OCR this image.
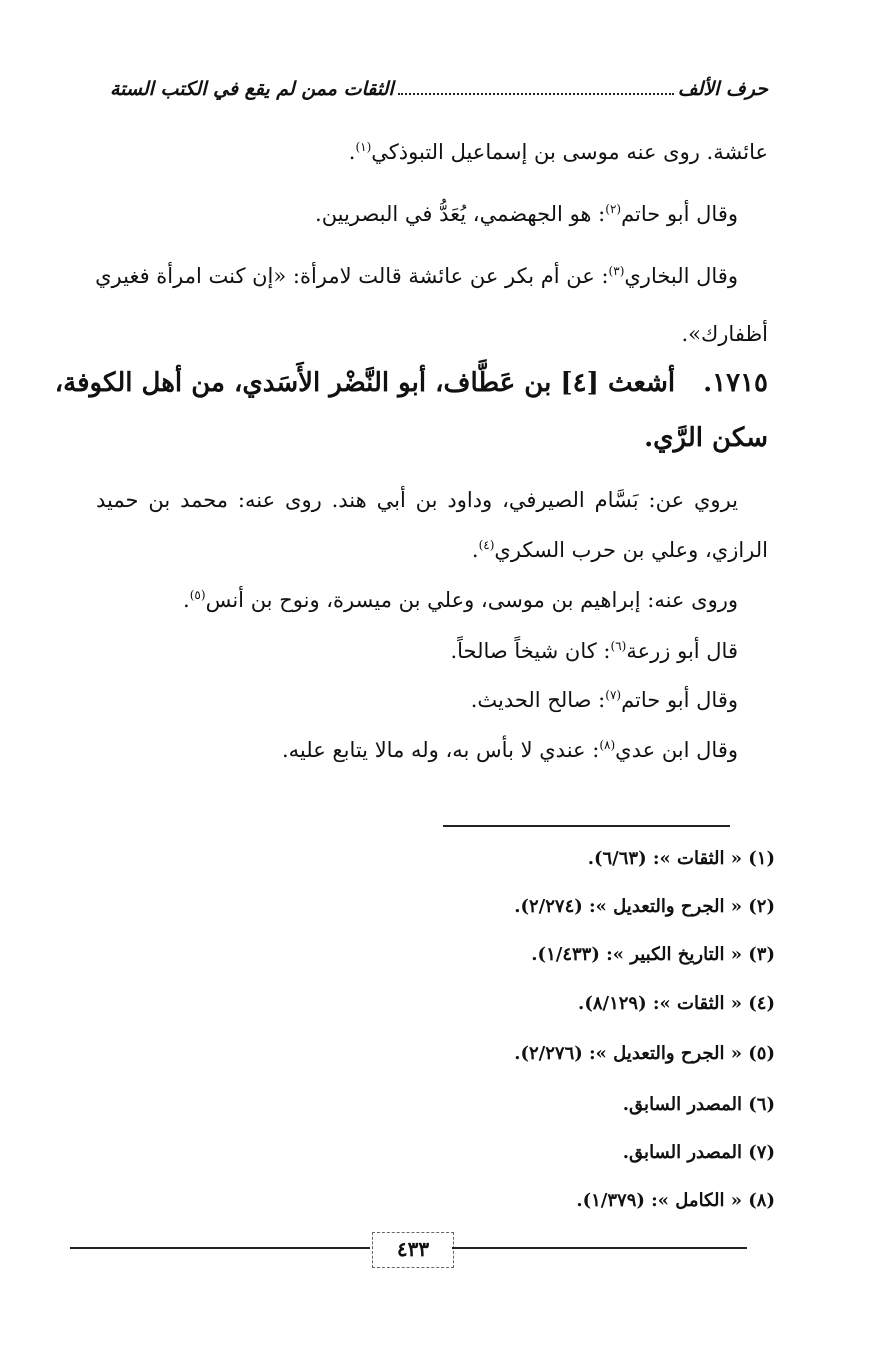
حرف الألف
الثقات ممن لم يقع في الكتب الستة
عائشة. روى عنه موسى بن إسماعيل التبوذكي$^{(١)}$.
وقال أبو حاتم$^{(٢)}$: هو الجهضمي، يُعَدُّ في البصريين.
وقال البخاري$^{(٣)}$: عن أم بكر عن عائشة قالت لامرأة: «إن كنت امرأة فغيري
أظفارك».
١٧١٥.أشعث [٤] بن عَطَّاف، أبو النَّضْر الأَسَدي، من أهل الكوفة،
سكن الرَّي.
يروي عن: بَسَّام الصيرفي، وداود بن أبي هند. روى عنه: محمد بن حميد
الرازي، وعلي بن حرب السكري$^{(٤)}$.
وروى عنه: إبراهيم بن موسى، وعلي بن ميسرة، ونوح بن أنس$^{(٥)}$.
قال أبو زرعة$^{(٦)}$: كان شيخاً صالحاً.
وقال أبو حاتم$^{(٧)}$: صالح الحديث.
وقال ابن عدي$^{(٨)}$: عندي لا بأس به، وله مالا يتابع عليه.
(١) « الثقات »: (٦/٦٣).
(٢) « الجرح والتعديل »: (٢/٢٧٤).
(٣) « التاريخ الكبير »: (١/٤٣٣).
(٤) « الثقات »: (٨/١٢٩).
(٥) « الجرح والتعديل »: (٢/٢٧٦).
(٦) المصدر السابق.
(٧) المصدر السابق.
(٨) « الكامل »: (١/٣٧٩).
٤٣٣
